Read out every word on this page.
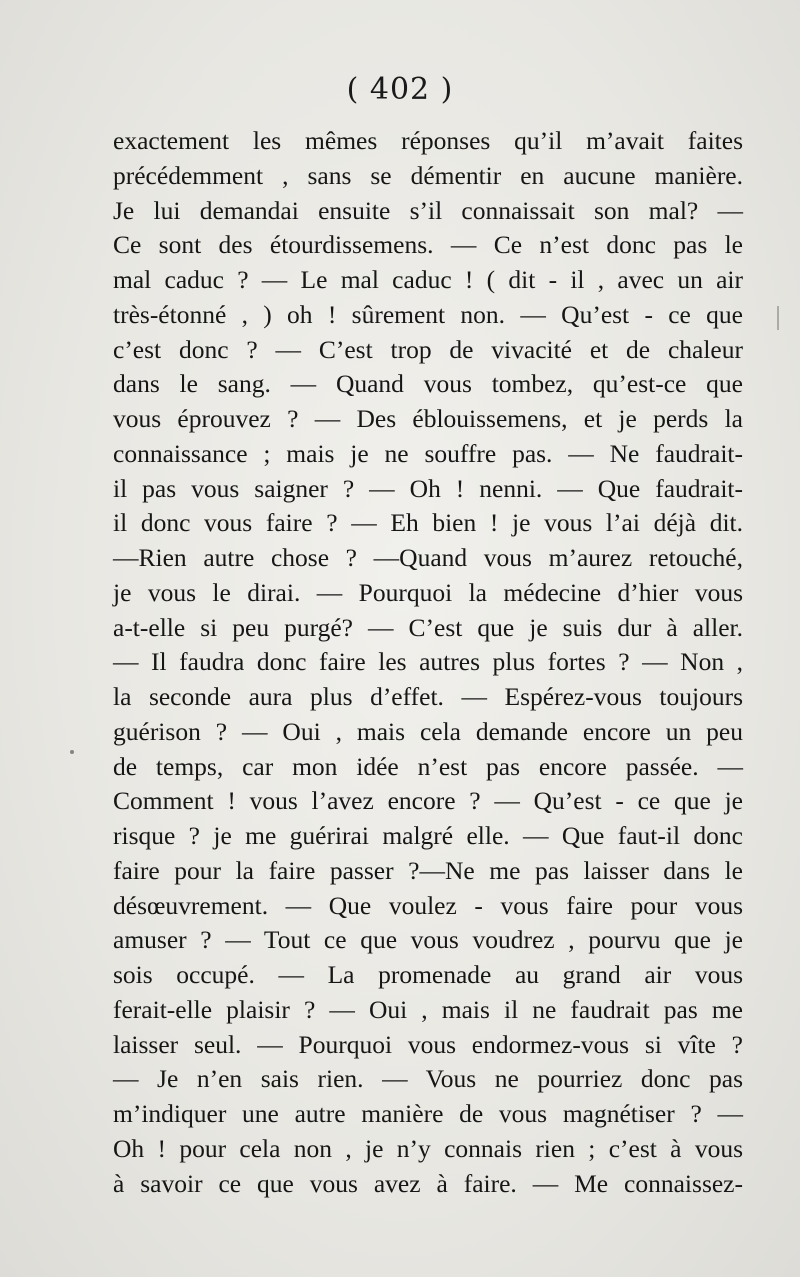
( 402 )
exactement les mêmes réponses qu’il m’avait faites
précédemment , sans se démentir en aucune manière.
Je lui demandai ensuite s’il connaissait son mal? —
Ce sont des étourdissemens. — Ce n’est donc pas le
mal caduc ? — Le mal caduc ! ( dit - il , avec un air
très-étonné , ) oh ! sûrement non. — Qu’est - ce que
c’est donc ? — C’est trop de vivacité et de chaleur
dans le sang. — Quand vous tombez, qu’est-ce que
vous éprouvez ? — Des éblouissemens, et je perds la
connaissance ; mais je ne souffre pas. — Ne faudrait-
il pas vous saigner ? — Oh ! nenni. — Que faudrait-
il donc vous faire ? — Eh bien ! je vous l’ai déjà dit.
—Rien autre chose ? —Quand vous m’aurez retouché,
je vous le dirai. — Pourquoi la médecine d’hier vous
a-t-elle si peu purgé? — C’est que je suis dur à aller.
— Il faudra donc faire les autres plus fortes ? — Non ,
la seconde aura plus d’effet. — Espérez-vous toujours
guérison ? — Oui , mais cela demande encore un peu
de temps, car mon idée n’est pas encore passée. —
Comment ! vous l’avez encore ? — Qu’est - ce que je
risque ? je me guérirai malgré elle. — Que faut-il donc
faire pour la faire passer ?—Ne me pas laisser dans le
désœuvrement. — Que voulez - vous faire pour vous
amuser ? — Tout ce que vous voudrez , pourvu que je
sois occupé. — La promenade au grand air vous
ferait-elle plaisir ? — Oui , mais il ne faudrait pas me
laisser seul. — Pourquoi vous endormez-vous si vîte ?
— Je n’en sais rien. — Vous ne pourriez donc pas
m’indiquer une autre manière de vous magnétiser ? —
Oh ! pour cela non , je n’y connais rien ; c’est à vous
à savoir ce que vous avez à faire. — Me connaissez-
